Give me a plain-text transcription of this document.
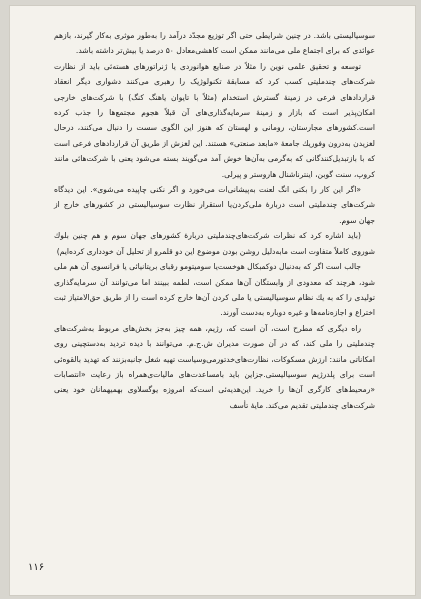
سوسیالیستی باشد. در چنین شرایطی حتی اگر توزیع مجدّد درآمد را به‌طور موثری به‌کار گیرند، بازهم عوائدی که برای اجتماع ملی می‌مانند ممکن است کاهشی‌معادل ۵۰ درصد یا بیش‌تر داشته باشد.

توسعه و تحقیق علمی نوین را مثلاً در صنایع هوانوردی یا ژنراتورهای هسته‌ئی باید از نظارت شرکت‌های چندملیتی کسب کرد که مسابقهٔ تکنولوژیک را رهبری می‌کنند دشواری دیگر انعقاد قراردادهای فرعی در زمینهٔ گسترش استخدام (مثلاً با تایوان یاهنگ کنگ) با شرکت‌های خارجی امکان‌پذیر است که بازار و زمینهٔ سرمایه‌گذاری‌های آن قبلاً هجوم مجتمع‌ها را جذب کرده است.کشورهای مجارستان، رومانی و لهستان که هنوز این الگوی سست را دنبال می‌کنند، درحال لغزیدن به‌درون وفوریك جامعهٔ «مابعد صنعتی» هستند. این لغزش از طریق آن قراردادهای فرعی است که با بازتبدیل‌کنندگانی که به‌گرمی به‌آن‌ها خوش آمد می‌گویند بسته می‌شود یعنی با شرکت‌هائی مانند کروپ، سنت گوبن، اینترناشنال هاروستر و پیرلی.

«اگر این کار را بکنی انگ لعنت به‌پیشانی‌ات می‌خورد و اگر نکنی چاپیده می‌شوی». این دیدگاه شرکت‌های چندملیتی است دربارهٔ ملی‌کردن‌یا استقرار نظارت سوسیالیستی در کشورهای خارج از جهان سوم.

(باید اشاره کرد که نظرات شرکت‌های‌چندملیتی دربارهٔ کشورهای جهان سوم و هم چنین بلوك شوروی کاملاً متفاوت است مابه‌دلیل روشن بودن موضوع این دو قلمرو از تحلیل آن خودداری کرده‌ایم)

جالب است اگر که به‌دنبال دوکمبکال هوخست‌یا سومیتومو رقبای بریتانیائی یا فرانسوی آن هم ملی شود، هرچند که معدودی از وابستگان آن‌ها ممکن است، لطمه ببینند اما می‌توانند آن سرمایه‌گذاری تولیدی را که به یك نظام سوسیالیستی یا ملی کردن آن‌ها خارج کرده است را از طریق حق‌الامتیاز ثبت اختراع و اجازه‌نامه‌ها و غیره دوباره به‌دست آورند.

راه دیگری که مطرح است، آن است که، رژیم، همه چیز به‌جز بخش‌های مربوط به‌شرکت‌های چندملیتی را ملی کند، که در آن صورت مدیران ش.ج.م. می‌توانند با دیده تردید به‌دستچینی روی امکاناتی مانند: ارزش مسکوکات، نظارت‌های‌خدتورمی‌وسیاست تهیه شغل جانبه‌بزنند که تهدید بالقوه‌ئی است برای پلدرژیم سوسیالیستی.جزاین باید بامساعدت‌های مالیات‌ی‌همراه باز رعایت «انتصابات «رمحیط‌های کارگری آن‌ها را خرید. این‌هدیه‌ئی است‌که امروزه یوگسلاوی بهمیهمانان خود یعنی شرکت‌های چندملیتی تقدیم می‌کند. مایهٔ تأسف

۱۱۶
